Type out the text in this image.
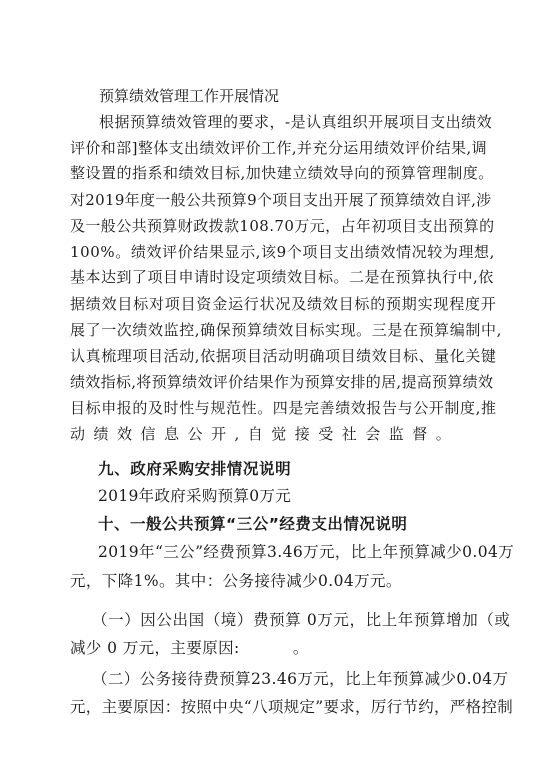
预算绩效管理工作开展情况
根据预算绩效管理的要求，-是认真组织开展项目支出绩效
评价和部]整体支出绩效评价工作,并充分运用绩效评价结果,调
整设置的指系和绩效目标,加快建立绩效导向的预算管理制度。
对2019年度一般公共预算9个项目支出开展了预算绩效自评,涉
及一般公共预算财政拨款108.70万元，占年初项目支出预算的
100%。绩效评价结果显示,该9个项目支出绩效情况较为理想,
基本达到了项目申请时设定项绩效目标。二是在预算执行中,依
据绩效目标对项目资金运行状况及绩效目标的预期实现程度开
展了一次绩效监控,确保预算绩效目标实现。三是在预算编制中,
认真梳理项目活动,依据项目活动明确项目绩效目标、量化关键
绩效指标,将预算绩效评价结果作为预算安排的居,提高预算绩效
目标申报的及时性与规范性。四是完善绩效报告与公开制度,推
动绩效信息公开,自觉接受社会监督。
九、政府采购安排情况说明
2019年政府采购预算0万元
十、一般公共预算“三公”经费支出情况说明
2019年“三公”经费预算3.46万元，比上年预算减少0.04万
元，下降1%。其中：公务接待减少0.04万元。
（一）因公出国（境）费预算 0万元，比上年预算增加（或
减少 0 万元，主要原因:          。
（二）公务接待费预算23.46万元，比上年预算减少0.04万
元，主要原因：按照中央“八项规定”要求，厉行节约，严格控制
